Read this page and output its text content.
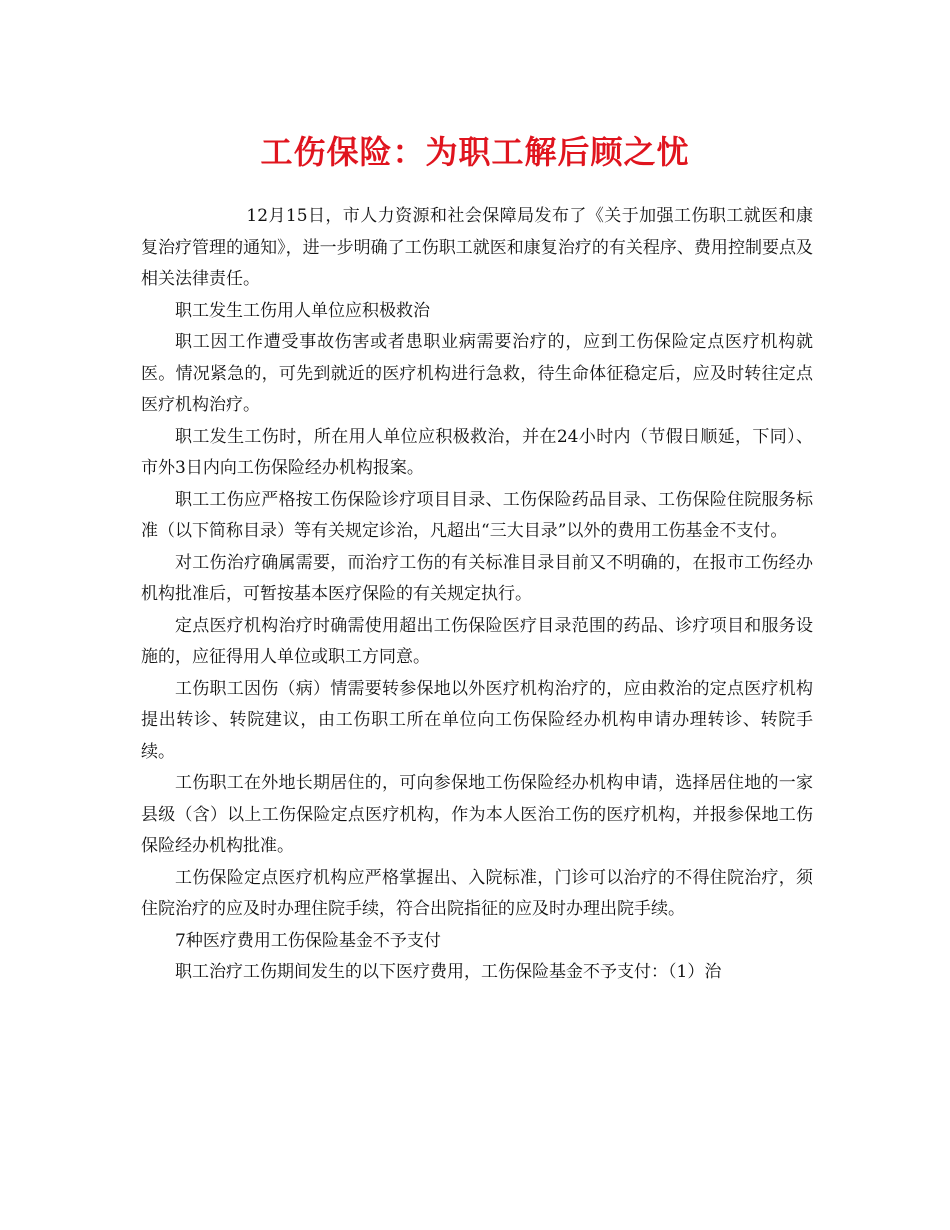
工伤保险：为职工解后顾之忧

12月15日，市人力资源和社会保障局发布了《关于加强工伤职工就医和康复治疗管理的通知》，进一步明确了工伤职工就医和康复治疗的有关程序、费用控制要点及相关法律责任。

职工发生工伤用人单位应积极救治

职工因工作遭受事故伤害或者患职业病需要治疗的，应到工伤保险定点医疗机构就医。情况紧急的，可先到就近的医疗机构进行急救，待生命体征稳定后，应及时转往定点医疗机构治疗。

职工发生工伤时，所在用人单位应积极救治，并在24小时内（节假日顺延，下同）、市外3日内向工伤保险经办机构报案。

职工工伤应严格按工伤保险诊疗项目目录、工伤保险药品目录、工伤保险住院服务标准（以下简称目录）等有关规定诊治，凡超出“三大目录”以外的费用工伤基金不支付。

对工伤治疗确属需要，而治疗工伤的有关标准目录目前又不明确的，在报市工伤经办机构批准后，可暂按基本医疗保险的有关规定执行。

定点医疗机构治疗时确需使用超出工伤保险医疗目录范围的药品、诊疗项目和服务设施的，应征得用人单位或职工方同意。

工伤职工因伤（病）情需要转参保地以外医疗机构治疗的，应由救治的定点医疗机构提出转诊、转院建议，由工伤职工所在单位向工伤保险经办机构申请办理转诊、转院手续。

工伤职工在外地长期居住的，可向参保地工伤保险经办机构申请，选择居住地的一家县级（含）以上工伤保险定点医疗机构，作为本人医治工伤的医疗机构，并报参保地工伤保险经办机构批准。

工伤保险定点医疗机构应严格掌握出、入院标准，门诊可以治疗的不得住院治疗，须住院治疗的应及时办理住院手续，符合出院指征的应及时办理出院手续。

7种医疗费用工伤保险基金不予支付

职工治疗工伤期间发生的以下医疗费用，工伤保险基金不予支付：（1）治
